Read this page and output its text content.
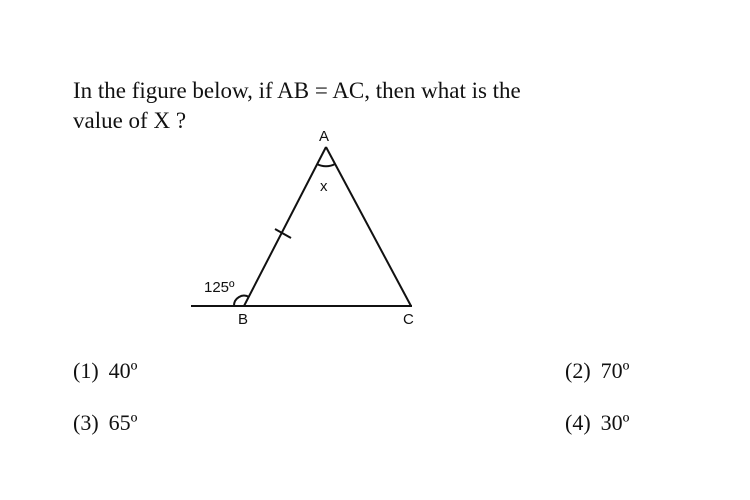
In the figure below, if AB = AC, then what is the
value of X ?
A
x
125º
B	C
(1) 40º	(2) 70º
(3) 65º	(4) 30º
